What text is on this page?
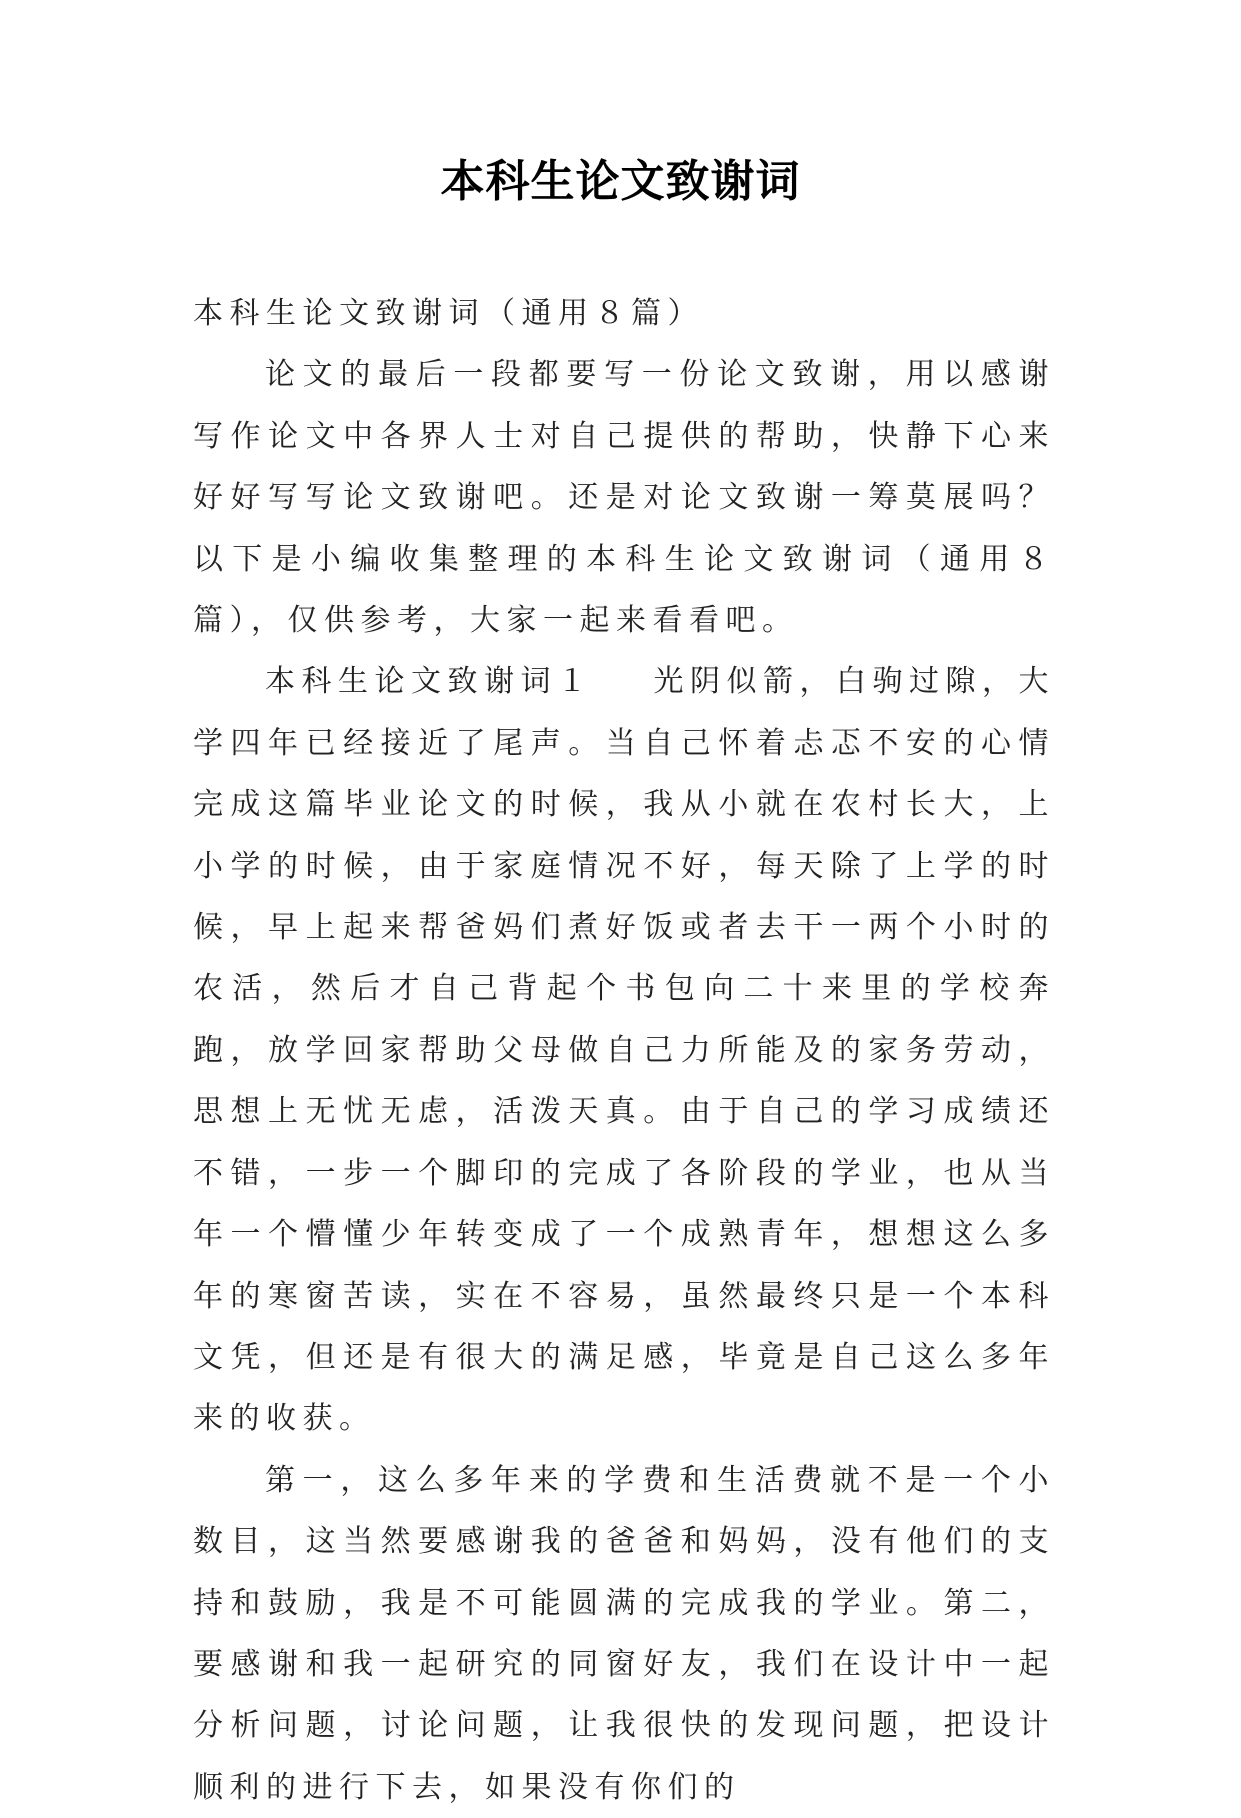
本科生论文致谢词

本科生论文致谢词（通用８篇）

论文的最后一段都要写一份论文致谢，用以感谢写作论文中各界人士对自己提供的帮助，快静下心来好好写写论文致谢吧。还是对论文致谢一筹莫展吗？以下是小编收集整理的本科生论文致谢词（通用８篇），仅供参考，大家一起来看看吧。

本科生论文致谢词１ 光阴似箭，白驹过隙，大学四年已经接近了尾声。当自己怀着忐忑不安的心情完成这篇毕业论文的时候，我从小就在农村长大，上小学的时候，由于家庭情况不好，每天除了上学的时候，早上起来帮爸妈们煮好饭或者去干一两个小时的农活，然后才自己背起个书包向二十来里的学校奔跑，放学回家帮助父母做自己力所能及的家务劳动，思想上无忧无虑，活泼天真。由于自己的学习成绩还不错，一步一个脚印的完成了各阶段的学业，也从当年一个懵懂少年转变成了一个成熟青年，想想这么多年的寒窗苦读，实在不容易，虽然最终只是一个本科文凭，但还是有很大的满足感，毕竟是自己这么多年来的收获。

第一，这么多年来的学费和生活费就不是一个小数目，这当然要感谢我的爸爸和妈妈，没有他们的支持和鼓励，我是不可能圆满的完成我的学业。第二，要感谢和我一起研究的同窗好友，我们在设计中一起分析问题，讨论问题，让我很快的发现问题，把设计顺利的进行下去，如果没有你们的
